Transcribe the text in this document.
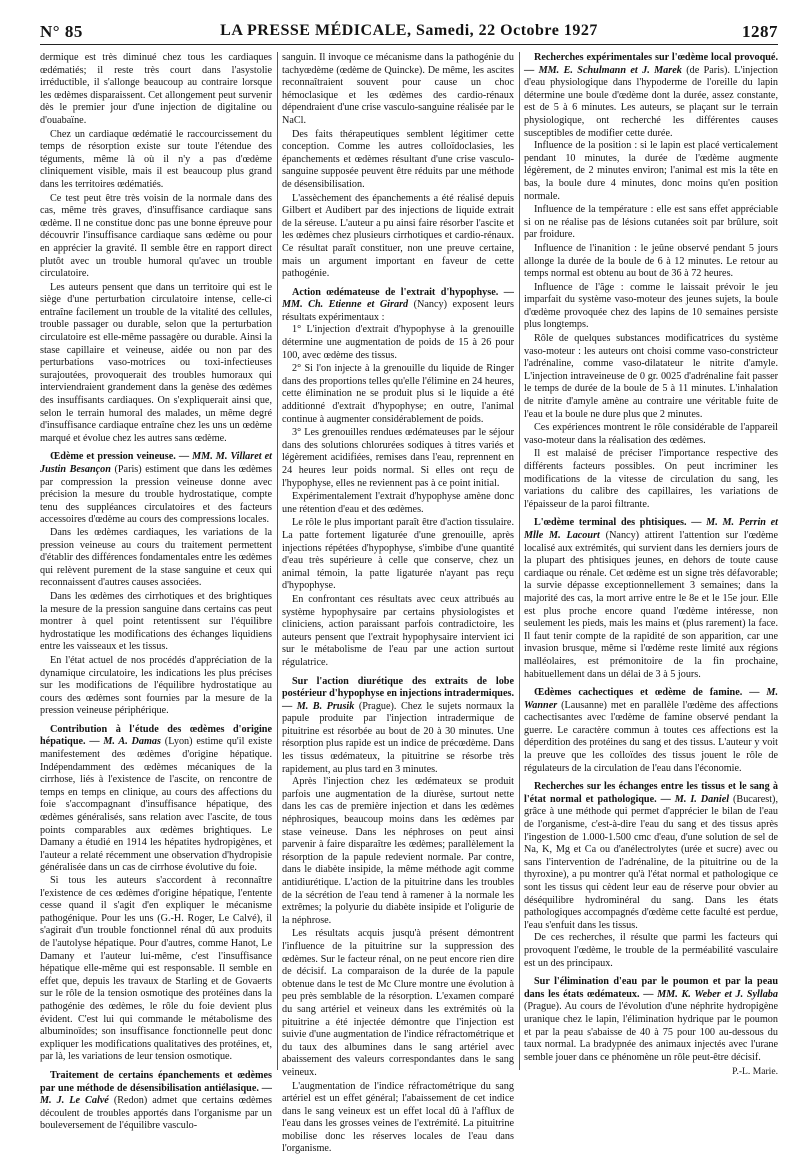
N° 85	LA PRESSE MÉDICALE, Samedi, 22 Octobre 1927	1287

dermique est très diminué chez tous les cardiaques œdématiés; il reste très court dans l'asystolie irréductible, il s'allonge beaucoup au contraire lorsque les œdèmes disparaissent. Cet allongement peut survenir dès le premier jour d'une injection de digitaline ou d'ouabaïne.

Chez un cardiaque œdématié le raccourcissement du temps de résorption existe sur toute l'étendue des téguments, même là où il n'y a pas d'œdème cliniquement visible, mais il est beaucoup plus grand dans les territoires œdématiés.

Ce test peut être très voisin de la normale dans des cas, même très graves, d'insuffisance cardiaque sans œdème. Il ne constitue donc pas une bonne épreuve pour découvrir l'insuffisance cardiaque sans œdème ou pour en apprécier la gravité. Il semble être en rapport direct plutôt avec un trouble humoral qu'avec un trouble circulatoire.

Les auteurs pensent que dans un territoire qui est le siège d'une perturbation circulatoire intense, celle-ci entraîne facilement un trouble de la vitalité des cellules, trouble passager ou durable, selon que la perturbation circulatoire est elle-même passagère ou durable. Ainsi la stase capillaire et veineuse, aidée ou non par des perturbations vaso-motrices ou toxi-infectieuses surajoutées, provoquerait des troubles humoraux qui interviendraient grandement dans la genèse des œdèmes des insuffisants cardiaques. On s'expliquerait ainsi que, selon le terrain humoral des malades, un même degré d'insuffisance cardiaque entraîne chez les uns un œdème marqué et évolue chez les autres sans œdème.

Œdème et pression veineuse. — MM. M. Villaret et Justin Besançon (Paris) estiment que dans les œdèmes par compression la pression veineuse donne avec précision la mesure du trouble hydrostatique, compte tenu des suppléances circulatoires et des facteurs accessoires d'œdème au cours des compressions locales.

Dans les œdèmes cardiaques, les variations de la pression veineuse au cours du traitement permettent d'établir des différences fondamentales entre les œdèmes qui relèvent purement de la stase sanguine et ceux qui reconnaissent d'autres causes associées.

Dans les œdèmes des cirrhotiques et des brightiques la mesure de la pression sanguine dans certains cas peut montrer à quel point retentissent sur l'équilibre hydrostatique les modifications des échanges liquidiens entre les vaisseaux et les tissus.

En l'état actuel de nos procédés d'appréciation de la dynamique circulatoire, les indications les plus précises sur les modifications de l'équilibre hydrostatique au cours des œdèmes sont fournies par la mesure de la pression veineuse périphérique.

Contribution à l'étude des œdèmes d'origine hépatique. — M. A. Damas (Lyon) estime qu'il existe manifestement des œdèmes d'origine hépatique. Indépendamment des œdèmes mécaniques de la cirrhose, liés à l'existence de l'ascite, on rencontre de temps en temps en clinique, au cours des affections du foie s'accompagnant d'insuffisance hépatique, des œdèmes généralisés, sans relation avec l'ascite, de tous points comparables aux œdèmes brightiques. Le Damany a étudié en 1914 les hépatites hydropigènes, et l'auteur a relaté récemment une observation d'hydropisie généralisée dans un cas de cirrhose évolutive du foie.

Si tous les auteurs s'accordent à reconnaître l'existence de ces œdèmes d'origine hépatique, l'entente cesse quand il s'agit d'en expliquer le mécanisme pathogénique. Pour les uns (G.-H. Roger, Le Calvé), il s'agirait d'un trouble fonctionnel rénal dû aux produits de l'autolyse hépatique. Pour d'autres, comme Hanot, Le Damany et l'auteur lui-même, c'est l'insuffisance hépatique elle-même qui est responsable. Il semble en effet que, depuis les travaux de Starling et de Govaerts sur le rôle de la tension osmotique des protéines dans la pathogénie des œdèmes, le rôle du foie devient plus évident. C'est lui qui commande le métabolisme des albuminoïdes; son insuffisance fonctionnelle peut donc expliquer les modifications qualitatives des protéines, et, par là, les variations de leur tension osmotique.

Traitement de certains épanchements et œdèmes par une méthode de désensibilisation antiélasique. — M. J. Le Calvé (Redon) admet que certains œdèmes découlent de troubles apportés dans l'organisme par un bouleversement de l'équilibre vasculo-

sanguin. Il invoque ce mécanisme dans la pathogénie du tachyœdème (œdème de Quincke). De même, les ascites reconnaîtraient souvent pour cause un choc hémoclasique et les œdèmes des cardio-rénaux dépendraient d'une crise vasculo-sanguine réalisée par le NaCl.

Des faits thérapeutiques semblent légitimer cette conception. Comme les autres colloïdoclasies, les épanchements et œdèmes résultant d'une crise vasculo-sanguine supposée peuvent être réduits par une méthode de désensibilisation.

L'assèchement des épanchements a été réalisé depuis Gilbert et Audibert par des injections de liquide extrait de la séreuse. L'auteur a pu ainsi faire résorber l'ascite et les œdèmes chez plusieurs cirrhotiques et cardio-rénaux. Ce résultat paraît constituer, non une preuve certaine, mais un argument important en faveur de cette pathogénie.

Action œdémateuse de l'extrait d'hypophyse. — MM. Ch. Etienne et Girard (Nancy) exposent leurs résultats expérimentaux :

1° L'injection d'extrait d'hypophyse à la grenouille détermine une augmentation de poids de 15 à 26 pour 100, avec œdème des tissus.

2° Si l'on injecte à la grenouille du liquide de Ringer dans des proportions telles qu'elle l'élimine en 24 heures, cette élimination ne se produit plus si le liquide a été additionné d'extrait d'hypophyse; en outre, l'animal continue à augmenter considérablement de poids.

3° Les grenouilles rendues œdémateuses par le séjour dans des solutions chlorurées sodiques à titres variés et légèrement acidifiées, remises dans l'eau, reprennent en 24 heures leur poids normal. Si elles ont reçu de l'hypophyse, elles ne reviennent pas à ce point initial.

Expérimentalement l'extrait d'hypophyse amène donc une rétention d'eau et des œdèmes.

Le rôle le plus important paraît être d'action tissulaire. La patte fortement ligaturée d'une grenouille, après injections répétées d'hypophyse, s'imbibe d'une quantité d'eau très supérieure à celle que conserve, chez un animal témoin, la patte ligaturée n'ayant pas reçu d'hypophyse.

En confrontant ces résultats avec ceux attribués au système hypophysaire par certains physiologistes et cliniciens, action paraissant parfois contradictoire, les auteurs pensent que l'extrait hypophysaire intervient ici sur le métabolisme de l'eau par une action surtout régulatrice.

Sur l'action diurétique des extraits de lobe postérieur d'hypophyse en injections intradermiques. — M. B. Prusik (Prague). Chez le sujets normaux la papule produite par l'injection intradermique de pituitrine est résorbée au bout de 20 à 30 minutes. Une résorption plus rapide est un indice de précœdème. Dans les tissus œdémateux, la pituitrine se résorbe très rapidement, au plus tard en 3 minutes.

Après l'injection chez les œdémateux se produit parfois une augmentation de la diurèse, surtout nette dans les cas de première injection et dans les œdèmes néphrosiques, beaucoup moins dans les œdèmes par stase veineuse. Dans les néphroses on peut ainsi parvenir à faire disparaître les œdèmes; parallèlement la résorption de la papule redevient normale. Par contre, dans le diabète insipide, la même méthode agit comme antidiurétique. L'action de la pituitrine dans les troubles de la sécrétion de l'eau tend à ramener à la normale les extrêmes; la polyurie du diabète insipide et l'oligurie de la néphrose.

Les résultats acquis jusqu'à présent démontrent l'influence de la pituitrine sur la suppression des œdèmes. Sur le facteur rénal, on ne peut encore rien dire de décisif. La comparaison de la durée de la papule obtenue dans le test de Mc Clure montre une évolution à peu près semblable de la résorption. L'examen comparé du sang artériel et veineux dans les extrémités où la pituitrine a été injectée démontre que l'injection est suivie d'une augmentation de l'indice réfractométrique et du taux des albumines dans le sang artériel avec abaissement des valeurs correspondantes dans le sang veineux.

L'augmentation de l'indice réfractométrique du sang artériel est un effet général; l'abaissement de cet indice dans le sang veineux est un effet local dû à l'afflux de l'eau dans les grosses veines de l'extrémité. La pituitrine mobilise donc les réserves locales de l'eau dans l'organisme.

Recherches expérimentales sur l'œdème local provoqué. — MM. E. Schulmann et J. Marek (de Paris). L'injection d'eau physiologique dans l'hypoderme de l'oreille du lapin détermine une boule d'œdème dont la durée, assez constante, est de 5 à 6 minutes. Les auteurs, se plaçant sur le terrain physiologique, ont recherché les différentes causes susceptibles de modifier cette durée.

Influence de la position : si le lapin est placé verticalement pendant 10 minutes, la durée de l'œdème augmente légèrement, de 2 minutes environ; l'animal est mis la tête en bas, la boule dure 4 minutes, donc moins qu'en position normale.

Influence de la température : elle est sans effet appréciable si on ne réalise pas de lésions cutanées soit par brûlure, soit par froidure.

Influence de l'inanition : le jeûne observé pendant 5 jours allonge la durée de la boule de 6 à 12 minutes. Le retour au temps normal est obtenu au bout de 36 à 72 heures.

Influence de l'âge : comme le laissait prévoir le jeu imparfait du système vaso-moteur des jeunes sujets, la boule d'œdème provoquée chez des lapins de 10 semaines persiste plus longtemps.

Rôle de quelques substances modificatrices du système vaso-moteur : les auteurs ont choisi comme vaso-constricteur l'adrénaline, comme vaso-dilatateur le nitrite d'amyle. L'injection intraveineuse de 0 gr. 0025 d'adrénaline fait passer le temps de durée de la boule de 5 à 11 minutes. L'inhalation de nitrite d'amyle amène au contraire une véritable fuite de l'eau et la boule ne dure plus que 2 minutes.

Ces expériences montrent le rôle considérable de l'appareil vaso-moteur dans la réalisation des œdèmes.

Il est malaisé de préciser l'importance respective des différents facteurs possibles. On peut incriminer les modifications de la vitesse de circulation du sang, les variations du calibre des capillaires, les variations de l'épaisseur de la paroi filtrante.

L'œdème terminal des phtisiques. — M. M. Perrin et Mlle M. Lacourt (Nancy) attirent l'attention sur l'œdème localisé aux extrémités, qui survient dans les derniers jours de la plupart des phtisiques jeunes, en dehors de toute cause cardiaque ou rénale. Cet œdème est un signe très défavorable; la survie dépasse exceptionnellement 3 semaines; dans la majorité des cas, la mort arrive entre le 8e et le 15e jour. Elle est plus proche encore quand l'œdème intéresse, non seulement les pieds, mais les mains et (plus rarement) la face. Il faut tenir compte de la rapidité de son apparition, car une invasion brusque, même si l'œdème reste limité aux régions malléolaires, est prémonitoire de la fin prochaine, habituellement dans un délai de 3 à 5 jours.
Œdèmes cachectiques et œdème de famine. — M. Wanner (Lausanne) met en parallèle l'œdème des affections cachectisantes avec l'œdème de famine observé pendant la guerre. Le caractère commun à toutes ces affections est la déperdition des protéines du sang et des tissus. L'auteur y voit la preuve que les colloïdes des tissus jouent le rôle de régulateurs de la circulation de l'eau dans l'économie.
Recherches sur les échanges entre les tissus et le sang à l'état normal et pathologique. — M. I. Daniel (Bucarest), grâce à une méthode qui permet d'apprécier le bilan de l'eau de l'organisme, c'est-à-dire l'eau du sang et des tissus après l'ingestion de 1.000-1.500 cmc d'eau, d'une solution de sel de Na, K, Mg et Ca ou d'anélectrolytes (urée et sucre) avec ou sans l'intervention de l'adrénaline, de la pituitrine ou de la thyroxine), a pu montrer qu'à l'état normal et pathologique ce sont les tissus qui cèdent leur eau de réserve pour obvier au déséquilibre hydrominéral du sang. Dans les états pathologiques accompagnés d'œdème cette faculté est perdue, l'eau s'enfuit dans les tissus.

De ces recherches, il résulte que parmi les facteurs qui provoquent l'œdème, le trouble de la perméabilité vasculaire est un des principaux.

Sur l'élimination d'eau par le poumon et par la peau dans les états œdémateux. — MM. K. Weber et J. Syllaba (Prague). Au cours de l'évolution d'une néphrite hydropigène uranique chez le lapin, l'élimination hydrique par le poumon et par la peau s'abaisse de 40 à 75 pour 100 au-dessous du taux normal. La bradypnée des animaux injectés avec l'urane semble jouer dans ce phénomène un rôle peut-être décisif.
P.-L. Marie.
